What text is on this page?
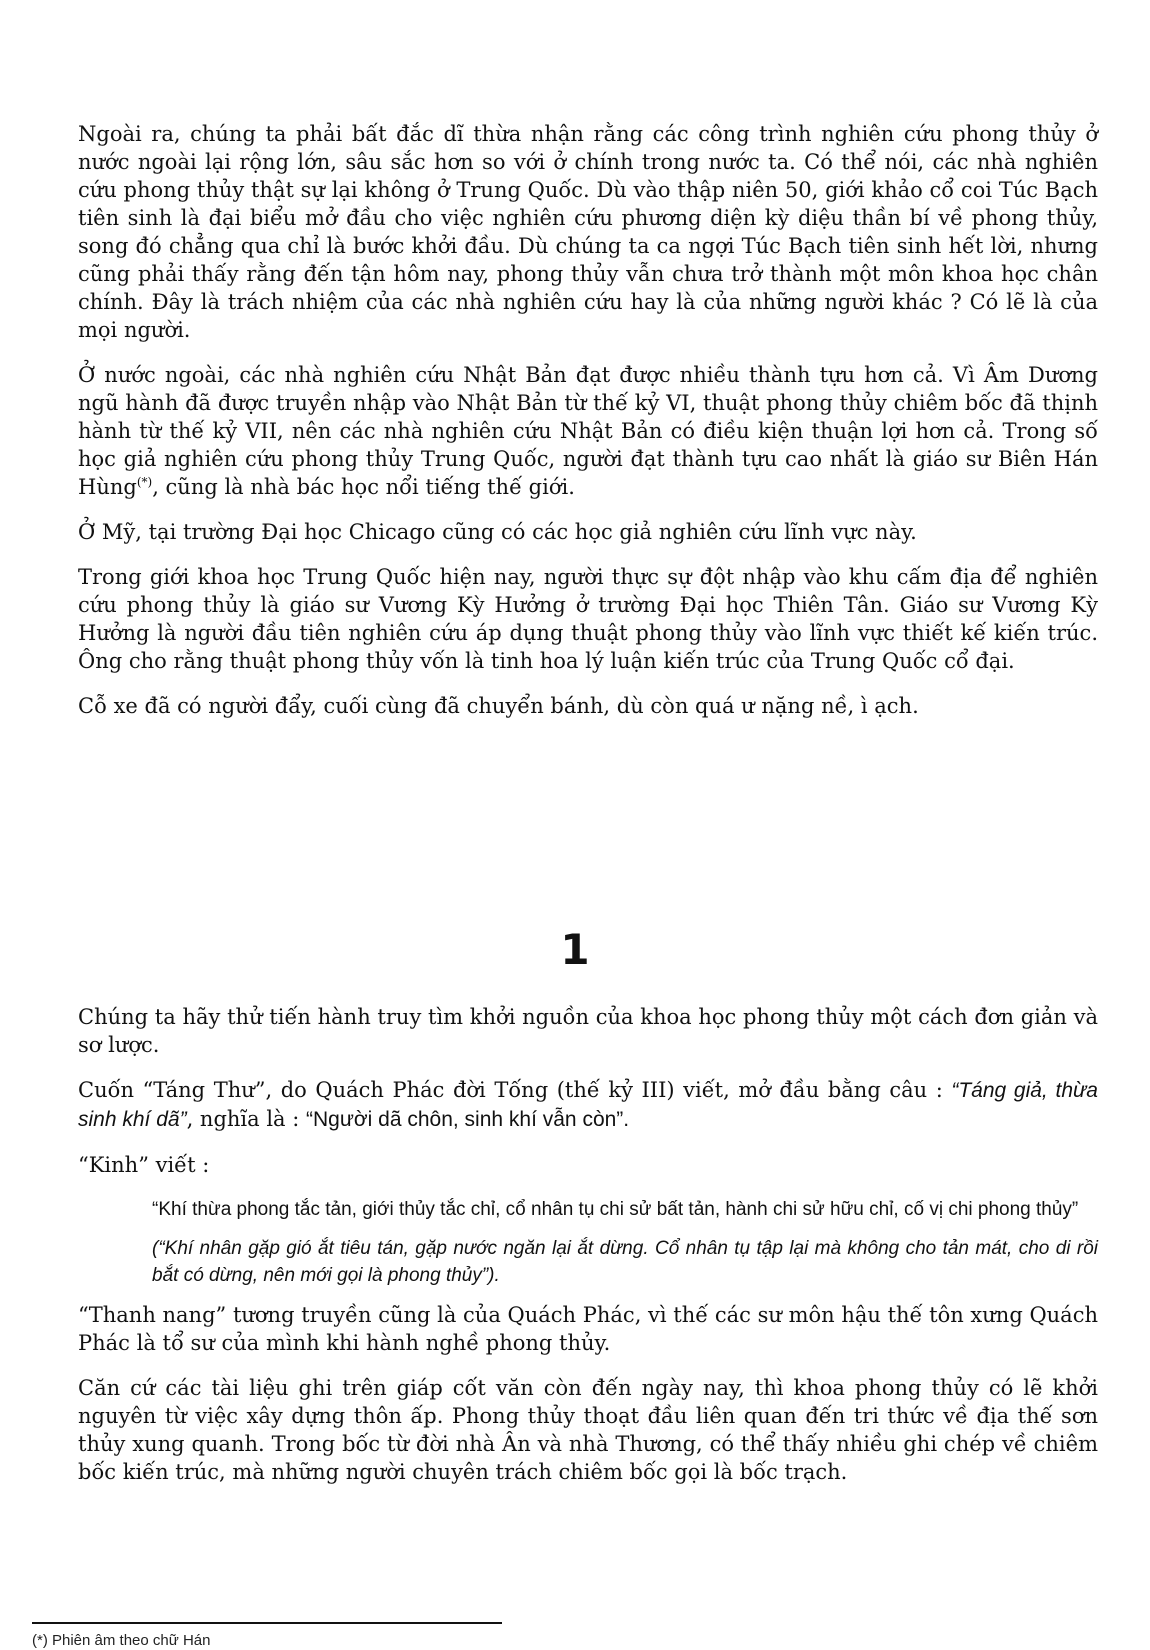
Ngoài ra, chúng ta phải bất đắc dĩ thừa nhận rằng các công trình nghiên cứu phong thủy ở nước ngoài lại rộng lớn, sâu sắc hơn so với ở chính trong nước ta. Có thể nói, các nhà nghiên cứu phong thủy thật sự lại không ở Trung Quốc. Dù vào thập niên 50, giới khảo cổ coi Túc Bạch tiên sinh là đại biểu mở đầu cho việc nghiên cứu phương diện kỳ diệu thần bí về phong thủy, song đó chẳng qua chỉ là bước khởi đầu. Dù chúng ta ca ngợi Túc Bạch tiên sinh hết lời, nhưng cũng phải thấy rằng đến tận hôm nay, phong thủy vẫn chưa trở thành một môn khoa học chân chính. Đây là trách nhiệm của các nhà nghiên cứu hay là của những người khác ? Có lẽ là của mọi người.

Ở nước ngoài, các nhà nghiên cứu Nhật Bản đạt được nhiều thành tựu hơn cả. Vì Âm Dương ngũ hành đã được truyền nhập vào Nhật Bản từ thế kỷ VI, thuật phong thủy chiêm bốc đã thịnh hành từ thế kỷ VII, nên các nhà nghiên cứu Nhật Bản có điều kiện thuận lợi hơn cả. Trong số học giả nghiên cứu phong thủy Trung Quốc, người đạt thành tựu cao nhất là giáo sư Biên Hán Hùng(*), cũng là nhà bác học nổi tiếng thế giới.

Ở Mỹ, tại trường Đại học Chicago cũng có các học giả nghiên cứu lĩnh vực này.

Trong giới khoa học Trung Quốc hiện nay, người thực sự đột nhập vào khu cấm địa để nghiên cứu phong thủy là giáo sư Vương Kỳ Hưởng ở trường Đại học Thiên Tân. Giáo sư Vương Kỳ Hưởng là người đầu tiên nghiên cứu áp dụng thuật phong thủy vào lĩnh vực thiết kế kiến trúc. Ông cho rằng thuật phong thủy vốn là tinh hoa lý luận kiến trúc của Trung Quốc cổ đại.

Cỗ xe đã có người đẩy, cuối cùng đã chuyển bánh, dù còn quá ư nặng nề, ì ạch.

1

Chúng ta hãy thử tiến hành truy tìm khởi nguồn của khoa học phong thủy một cách đơn giản và sơ lược.

Cuốn “Táng Thư”, do Quách Phác đời Tống (thế kỷ III) viết, mở đầu bằng câu : “Táng giả, thừa sinh khí dã”, nghĩa là : “Người dã chôn, sinh khí vẫn còn”.

“Kinh” viết :

“Khí thừa phong tắc tản, giới thủy tắc chỉ, cổ nhân tụ chi sử bất tản, hành chi sử hữu chỉ, cố vị chi phong thủy”

(“Khí nhân gặp gió ắt tiêu tán, gặp nước ngăn lại ắt dừng. Cổ nhân tụ tập lại mà không cho tản mát, cho di rồi bắt có dừng, nên mới gọi là phong thủy”).

“Thanh nang” tương truyền cũng là của Quách Phác, vì thế các sư môn hậu thế tôn xưng Quách Phác là tổ sư của mình khi hành nghề phong thủy.

Căn cứ các tài liệu ghi trên giáp cốt văn còn đến ngày nay, thì khoa phong thủy có lẽ khởi nguyên từ việc xây dựng thôn ấp. Phong thủy thoạt đầu liên quan đến tri thức về địa thế sơn thủy xung quanh. Trong bốc từ đời nhà Ân và nhà Thương, có thể thấy nhiều ghi chép về chiêm bốc kiến trúc, mà những người chuyên trách chiêm bốc gọi là bốc trạch.

(*) Phiên âm theo chữ Hán
